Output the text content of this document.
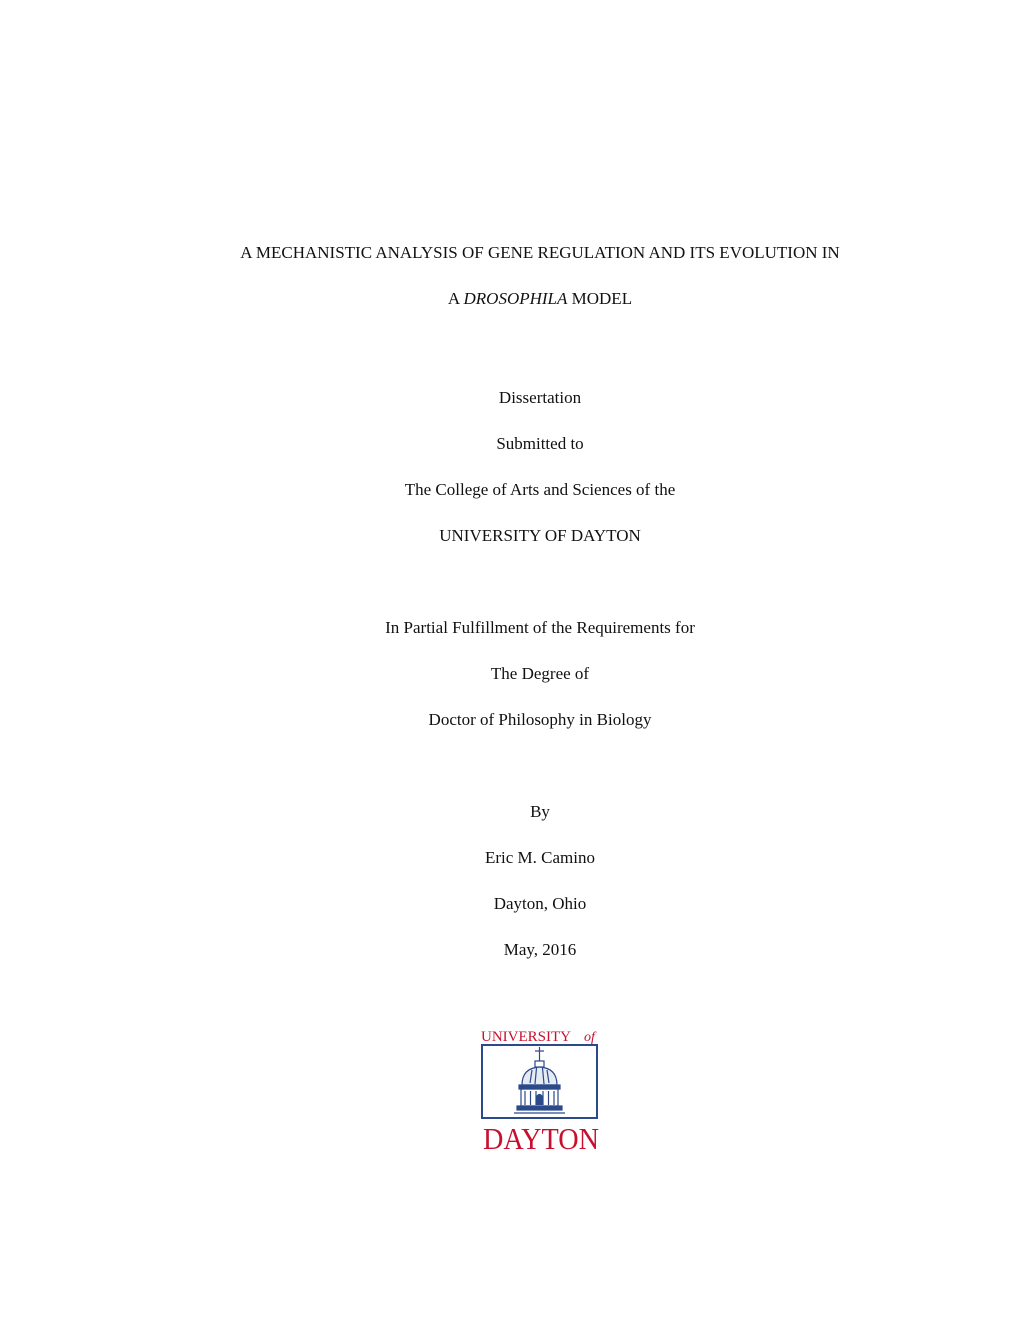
A MECHANISTIC ANALYSIS OF GENE REGULATION AND ITS EVOLUTION IN
A DROSOPHILA MODEL
Dissertation
Submitted to
The College of Arts and Sciences of the
UNIVERSITY OF DAYTON
In Partial Fulfillment of the Requirements for
The Degree of
Doctor of Philosophy in Biology
By
Eric M. Camino
Dayton, Ohio
May, 2016
UNIVERSITY of
DAYTON
